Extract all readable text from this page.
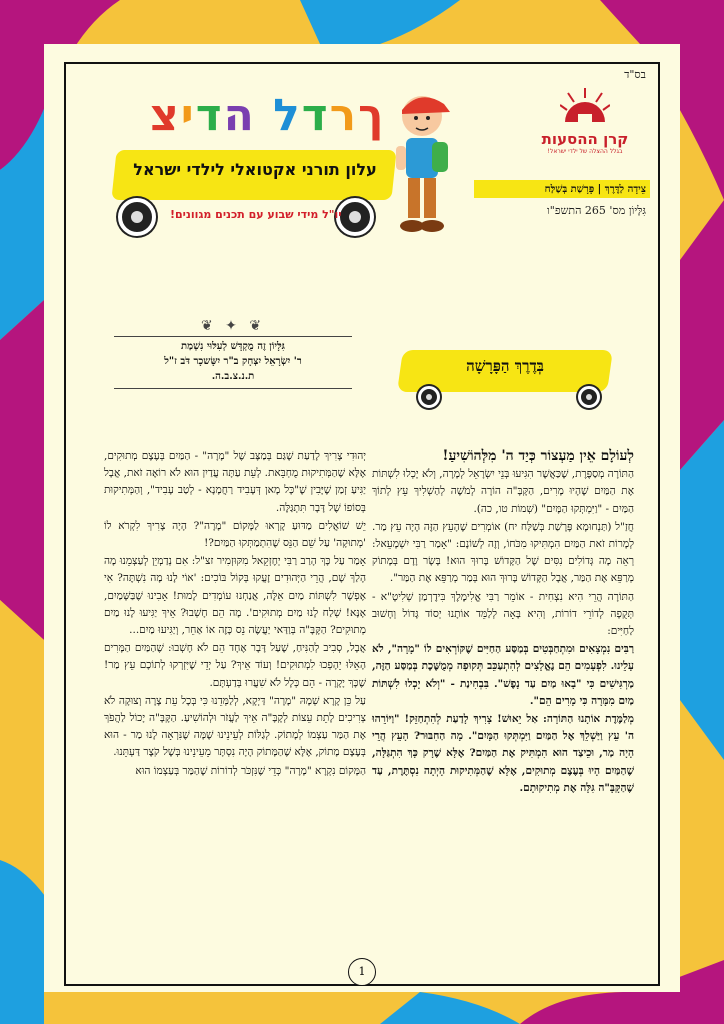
בס"ד
ךרדל הדיצ
עלון תורני אקטואלי לילדי ישראל
יו"ל מידי שבוע עם תכנים מגוונים!
קרן ההסעות
בגלל ההצלה של ילדי ישראל!
צֵידָה לַדֶּרֶךְ | פָּרָשַׁת בְּשַׁלַּח
גִּלָּיוֹן מס' 265 התשפ"ו
❦ ✦ ❦
גִּלָּיוֹן זֶה מֻקְדָּשׁ לְעִלּוּי נִשְׁמַת
ר' יִשְׂרָאֵל יִצְחָק ב"ר יִשָּׂשכָר דֹּב ז"ל
ת.נ.צ.ב.ה.
בְּדֶרֶךְ הַפָּרָשָׁה

לְעוֹלָם אֵין מַעְצוֹר כְּיַד ה' מִלְּהוֹשִׁיעַ!

הַתּוֹרָה מְסַפֶּרֶת, שֶׁכַּאֲשֶׁר הִגִּיעוּ בְּנֵי יִשְׂרָאֵל לְמָרָה, וְלֹא יָכְלוּ לִשְׁתּוֹת אֶת הַמַּיִם שֶׁהָיוּ מָרִים, הַקָּבָּ"ה הוֹרָה לְמֹשֶׁה לְהַשְׁלִיךְ עֵץ לְתוֹךְ הַמַּיִם - "וַיִּמְתְּקוּ הַמָּיִם" (שְׁמוֹת טו, כה).

חֲזַ"ל (תַּנְחוּמָא פָּרָשַׁת בְּשַׁלַּח יח) אוֹמְרִים שֶׁהָעֵץ הַזֶּה הָיָה עֵץ מַר. לְמָרוֹת זֹאת הַמַּיִם הִמְתִּיקוּ מִכֹּחוֹ, וְזֶה לְשׁוֹנָם: "אָמַר רַבִּי יִשְׁמָעֵאל: רְאֵה מָה גְּדוֹלִים נִסִּים שֶׁל הַקָּדוֹשׁ בָּרוּךְ הוּא! בָּשָׂר וָדָם בְּמָתוֹק מְרַפֵּא אֶת הַמַּר, אֲבָל הַקָּדוֹשׁ בָּרוּךְ הוּא בְּמַר מְרַפֵּא אֶת הַמַּר".

הַתּוֹרָה הֲרֵי הִיא נִצְחִית - אוֹמֵר רַבִּי אֱלִימֶלֶךְ בִּידֶרְמַן שְׁלִיטָ"א - תְּקֻפָה לְדוֹרֵי דוֹרוֹת, וְהִיא בָּאָה לְלַמֵּד אוֹתָנוּ יְסוֹד גָּדוֹל וְחָשׁוּב לַחַיִּים:

רַבִּים נִמְצָאִים וּמִתְחַבְּטִים בְּמַסַּע הַחַיִּים שֶׁקּוֹרְאִים לוֹ "מָרָה", לֹא עָלֵינוּ. לִפְעָמִים הֵם נֶאֱלָצִים לְהִתְעַכֵּב תְּקוּפָה מְמֻשֶּׁכֶת בְּמַסַּע הַזֶּה, מַרְגִּישִׁים כִּי "בָאוּ מַיִם עַד נָפֶשׁ". בִּבְחִינַת - "וְלֹא יָכְלוּ לִשְׁתּוֹת מַיִם מִמָּרָה כִּי מָרִים הֵם".

מְלַמֶּדֶת אוֹתָנוּ הַתּוֹרָה: אַל יֵאוּשׁ! צָרִיךְ לָדַעַת לְהִתְחַזֵּק! "וַיּוֹרֵהוּ ה' עֵץ וַיַּשְׁלֵךְ אֶל הַמַּיִם וַיִּמְתְּקוּ הַמָּיִם". מָה הַחִבּוּר? הָעֵץ הֲרֵי הָיָה מַר, וּכֵיצַד הוּא הִמְתִּיק אֶת הַמַּיִם? אֶלָּא שֶׁרָק כָּךְ הִתְגַּלָּה, שֶׁהַמַּיִם הָיוּ בְּעֶצֶם מְתוּקִים, אֶלָּא שֶׁהַמְּתִיקוּת הָיְתָה נִסְתֶּרֶת, עַד שֶׁהַקָּבָּ"ה גִּלָּה אֶת מְתִיקוּתָם.

יְהוּדִי צָרִיךְ לָדַעַת שֶׁגַּם בְּמַצָּב שֶׁל "מָרָה" - הַמַּיִם בְּעֶצֶם מְתוּקִים, אֶלָּא שֶׁהַמְּתִיקוּת מֻחְבֵּאת. לְעֵת עַתָּה עֲדַיִן הוּא לֹא רוֹאֶה זֹאת, אֲבָל יַגִּיעַ זְמַן שֶׁיָּבִין שֶׁ"כָּל מָאן דְּעָבִיד רַחֲמָנָא - לְטַב עָבִיד", וְהַמְּתִיקוּת בְּסוֹפוֹ שֶׁל דָּבָר תִּתְגַּלֶּה.

יֵשׁ שׁוֹאֲלִים מַדּוּעַ קָרְאוּ לַמָּקוֹם "מָרָה"? הָיָה צָרִיךְ לִקְרֹא לוֹ 'מְתוּקָה' עַל שֵׁם הַנֵּס שֶׁהִתְמַתְּקוּ הַמַּיִם?!

אָמַר עַל כָּךְ הָרַב רַבִּי יְחֶזְקֵאל מִקּוּזְמִיר זצ"ל: אִם נְדַמְיֵן לְעַצְמֵנוּ מָה הָלַךְ שָׁם, הֲרֵי הַיְּהוּדִים זָעֲקוּ בְּקוֹל בּוֹכִים: 'אוֹי לָנוּ מָה נִשְׁתֶּה? אִי אֶפְשָׁר לִשְׁתּוֹת מַיִם אֵלֶּה, אֲנַחְנוּ עוֹמְדִים לָמוּת! אָבִינוּ שֶׁבַּשָּׁמַיִם, אָנָּא! שְׁלַח לָנוּ מַיִם מְתוּקִים'. מָה הֵם חָשְׁבוּ? אֵיךְ יַגִּיעוּ לָנוּ מַיִם מְתוּקִים? הַקָּבָּ"ה בְּוַדַּאי יַעֲשֶׂה נֵס כָּזֶה אוֹ אַחֵר, וְיַגִּיעוּ מַיִם...

אֲבָל, סְבִיב לְהַנִּיחַ, שֶׁעַל דָּבָר אֶחָד הֵם לֹא חָשְׁבוּ: שֶׁהַמַּיִם הַמָּרִים הָאֵלּוּ יֵהָפְכוּ לִמְתוּקִים! וְעוֹד אֵיךְ? עַל יְדֵי שֶׁיִּזְרְקוּ לְתוֹכָם עֵץ מַר! שֶׁכָּךְ יָקָרָה - הֵם כְּלָל לֹא שִׁעֲרוּ בְּדַעְתָּם.

עַל כֵּן קָרָא שְׁמָהּ "מָרָה" דַּיְקָא, לְלַמְּדֵנוּ כִּי בְּכָל עֵת צָרָה וְצוּקָה לֹא צְרִיכִים לָתֵת עֵצוֹת לְקָבָּ"ה אֵיךְ לַעֲזֹר וּלְהוֹשִׁיעַ. הַקָּבָּ"ה יָכוֹל לַהֲפֹךְ אֶת הַמַּר עַצְמוֹ לְמָתוֹק. לְגַלּוֹת לְעֵינֵינוּ שֶׁמָּה שֶׁנִּרְאָה לָנוּ מַר - הוּא בְּעֶצֶם מָתוֹק, אֶלָּא שֶׁהַמָּתוֹק הָיָה נִסְתָּר מֵעֵינֵינוּ בְּשֶׁל קֹצֶר דַּעְתֵּנוּ.

הַמָּקוֹם נִקְרָא "מָרָה" כְּדֵי שֶׁנִּזְכֹּר לְדוֹרוֹת שֶׁהַמַּר בְּעַצְמוֹ הוּא

1
